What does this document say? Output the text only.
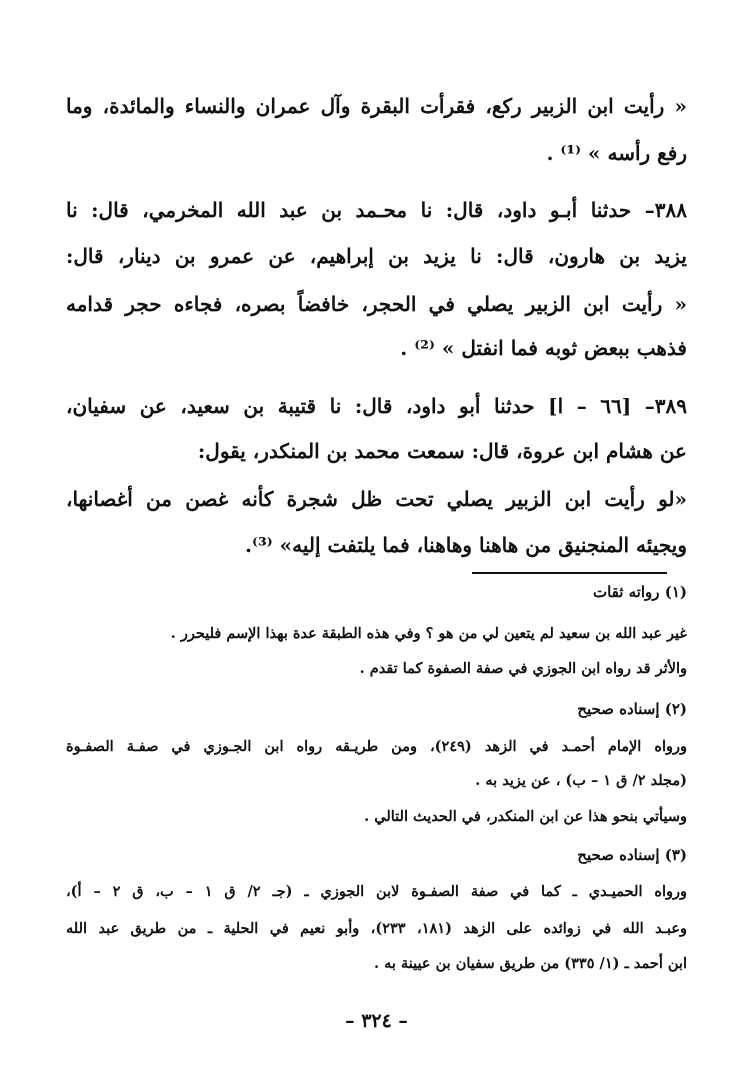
« رأيت ابن الزبير ركع، فقرأت البقرة وآل عمران والنساء والمائدة، وما
رفع رأسه » ⁽¹⁾ .
٣٨٨– حدثنا أبـو داود، قال: نا محـمد بن عبد الله المخرمي، قال: نا
يزيد بن هارون، قال: نا يزيد بن إبراهيم، عن عمرو بن دينار، قال:
« رأيت ابن الزبير يصلي في الحجر، خافضاً بصره، فجاءه حجر قدامه
فذهب ببعض ثوبه فما انفتل » ⁽²⁾ .
٣٨٩– [٦٦ – ا] حدثنا أبو داود، قال: نا قتيبة بن سعيد، عن سفيان،
عن هشام ابن عروة، قال: سمعت محمد بن المنكدر، يقول:
«لو رأيت ابن الزبير يصلي تحت ظل شجرة كأنه غصن من أغصانها،
ويجيئه المنجنيق من هاهنا وهاهنا، فما يلتفت إليه» ⁽³⁾.
(١) رواته ثقات
غير عبد الله بن سعيد لم يتعين لي من هو ؟ وفي هذه الطبقة عدة بهذا الإسم فليحرر .
والأثر قد رواه ابن الجوزي في صفة الصفوة كما تقدم .
(٢) إسناده صحيح
ورواه الإمام أحمـد في الزهد (٢٤٩)، ومن طريـقه رواه ابن الجـوزي في صفـة الصفـوة
(مجلد ٢/ ق ١ – ب) ، عن يزيد به .
وسيأتي بنحو هذا عن ابن المنكدر، في الحديث التالي .
(٣) إسناده صحيح
ورواه الحميـدي ـ كما في صفة الصفـوة لابن الجوزي ـ (جـ ٢/ ق ١ – ب، ق ٢ – أ)،
وعبـد الله في زوائده على الزهد (١٨١، ٢٣٣)، وأبو نعيم في الحلية ـ من طريق عبد الله
ابن أحمد ـ (١/ ٣٣٥) من طريق سفيان بن عيينة به .
– ٣٢٤ –
